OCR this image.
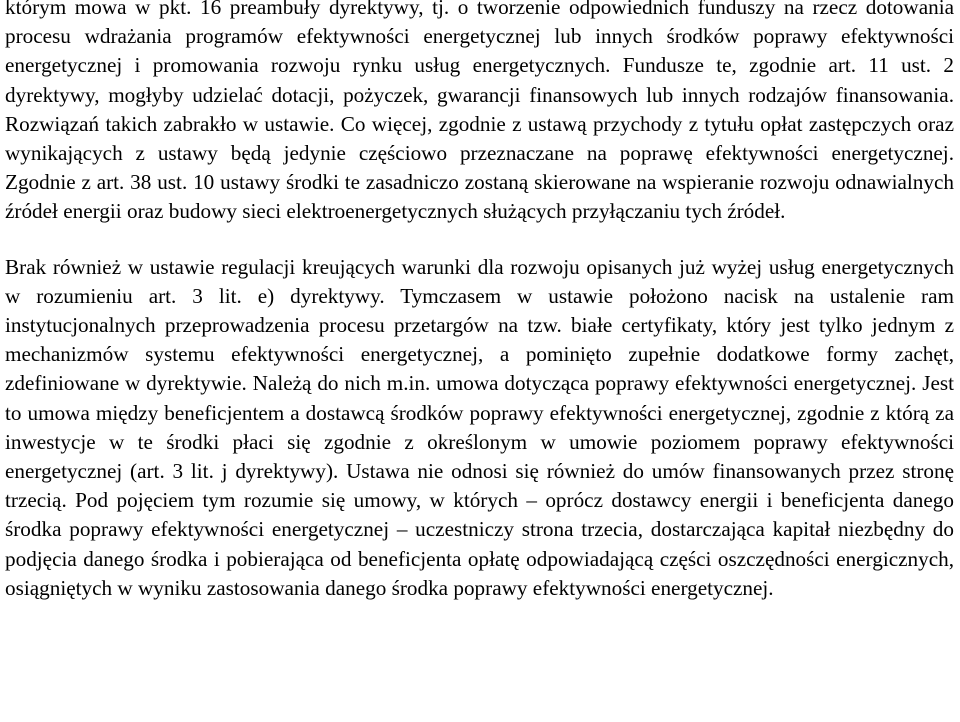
którym mowa w pkt. 16 preambuły dyrektywy, tj. o tworzenie odpowiednich funduszy na rzecz dotowania procesu wdrażania programów efektywności energetycznej lub innych środków poprawy efektywności energetycznej i promowania rozwoju rynku usług energetycznych. Fundusze te, zgodnie art. 11 ust. 2 dyrektywy, mogłyby udzielać dotacji, pożyczek, gwarancji finansowych lub innych rodzajów finansowania. Rozwiązań takich zabrakło w ustawie. Co więcej, zgodnie z ustawą przychody z tytułu opłat zastępczych oraz wynikających z ustawy będą jedynie częściowo przeznaczane na poprawę efektywności energetycznej. Zgodnie z art. 38 ust. 10 ustawy środki te zasadniczo zostaną skierowane na wspieranie rozwoju odnawialnych źródeł energii oraz budowy sieci elektroenergetycznych służących przyłączaniu tych źródeł.

Brak również w ustawie regulacji kreujących warunki dla rozwoju opisanych już wyżej usług energetycznych w rozumieniu art. 3 lit. e) dyrektywy. Tymczasem w ustawie położono nacisk na ustalenie ram instytucjonalnych przeprowadzenia procesu przetargów na tzw. białe certyfikaty, który jest tylko jednym z mechanizmów systemu efektywności energetycznej, a pominięto zupełnie dodatkowe formy zachęt, zdefiniowane w dyrektywie. Należą do nich m.in. umowa dotycząca poprawy efektywności energetycznej. Jest to umowa między beneficjentem a dostawcą środków poprawy efektywności energetycznej, zgodnie z którą za inwestycje w te środki płaci się zgodnie z określonym w umowie poziomem poprawy efektywności energetycznej (art. 3 lit. j dyrektywy). Ustawa nie odnosi się również do umów finansowanych przez stronę trzecią. Pod pojęciem tym rozumie się umowy, w których – oprócz dostawcy energii i beneficjenta danego środka poprawy efektywności energetycznej – uczestniczy strona trzecia, dostarczająca kapitał niezbędny do podjęcia danego środka i pobierająca od beneficjenta opłatę odpowiadającą części oszczędności energicznych, osiągniętych w wyniku zastosowania danego środka poprawy efektywności energetycznej.
